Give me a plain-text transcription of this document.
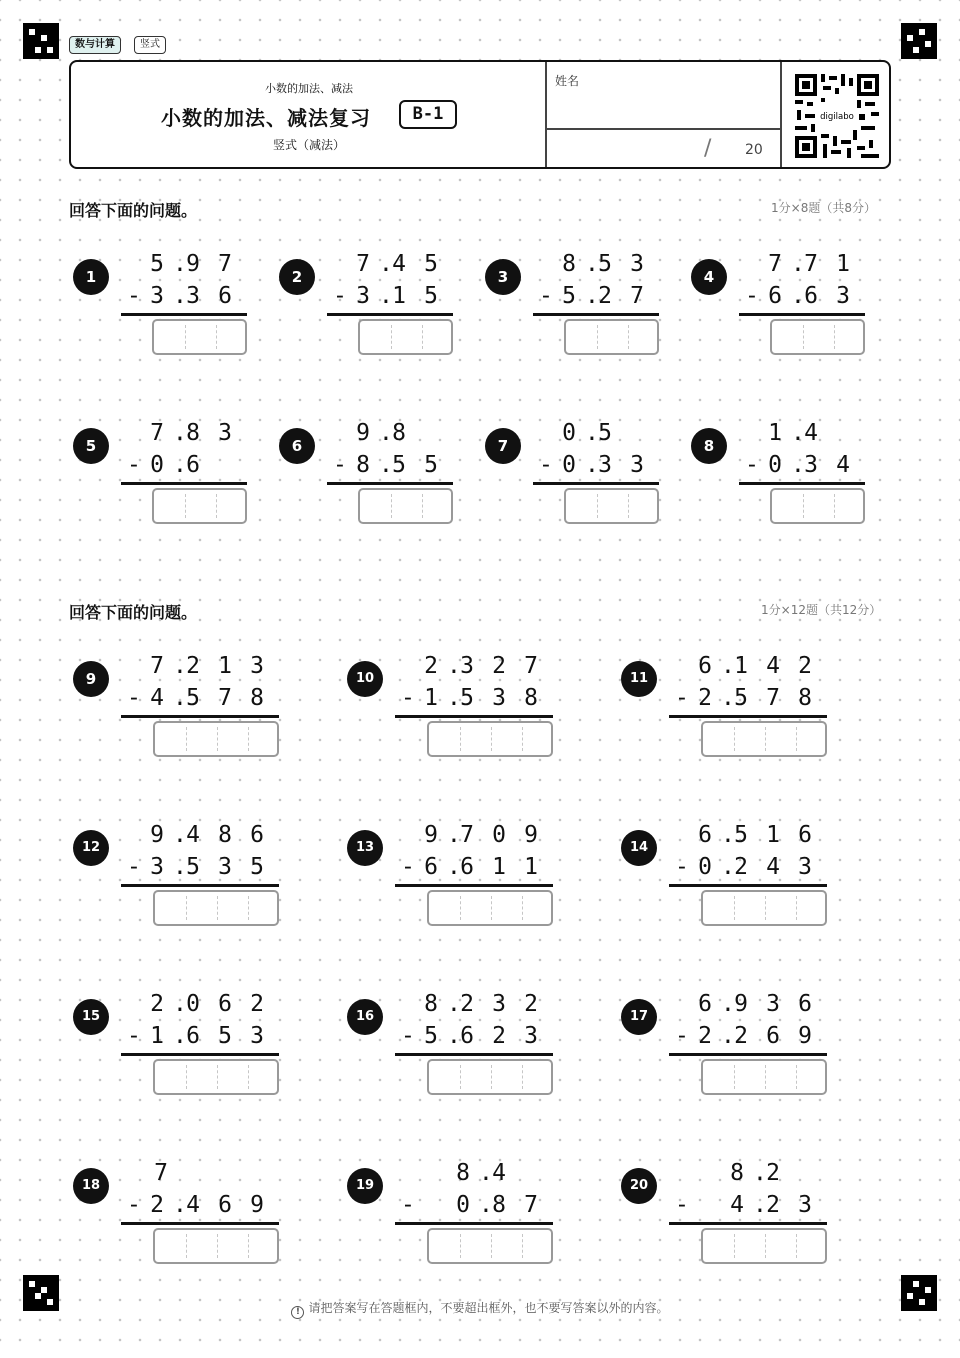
数与计算	竖式
小数的加法、减法
小数的加法、减法复习	B-1
竖式（减法）
姓名
/ 20
digilabo
回答下面的问题。	1分×8题（共8分）
回答下面的问题。	1分×12题（共12分）
1	5 . 9 7
- 3 . 3 6
2	7 . 4 5
- 3 . 1 5
3	8 . 5 3
- 5 . 2 7
4	7 . 7 1
- 6 . 6 3
5	7 . 8 3
- 0 . 6
6	9 . 8
- 8 . 5 5
7	0 . 5
- 0 . 3 3
8	1 . 4
- 0 . 3 4
9	7 . 2 1 3
- 4 . 5 7 8
10	2 . 3 2 7
- 1 . 5 3 8
11	6 . 1 4 2
- 2 . 5 7 8
12	9 . 4 8 6
- 3 . 5 3 5
13	9 . 7 0 9
- 6 . 6 1 1
14	6 . 5 1 6
- 0 . 2 4 3
15	2 . 0 6 2
- 1 . 6 5 3
16	8 . 2 3 2
- 5 . 6 2 3
17	6 . 9 3 6
- 2 . 2 6 9
18	7
- 2 . 4 6 9
19	8 . 4
-	0 . 8 7
20	8 . 2
-	4 . 2 3
! 请把答案写在答题框内，不要超出框外，也不要写答案以外的内容。
